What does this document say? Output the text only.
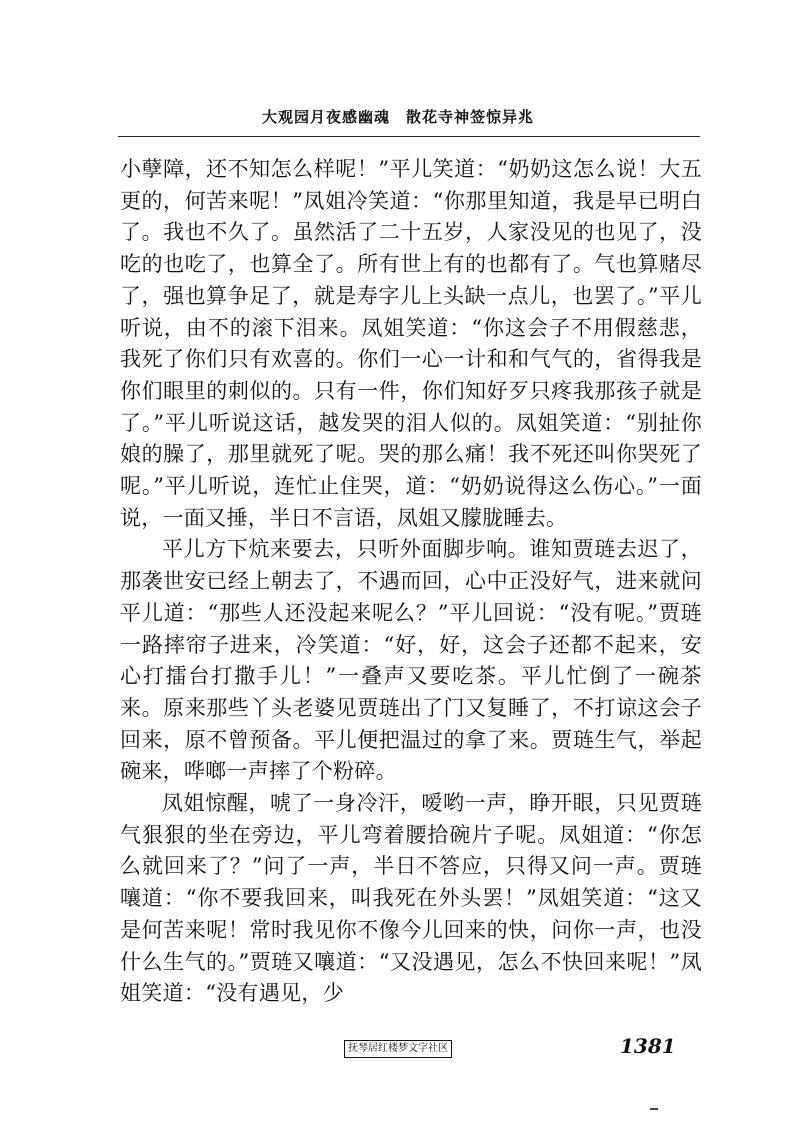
大观园月夜感幽魂　散花寺神签惊异兆

小孽障，还不知怎么样呢！”平儿笑道：“奶奶这怎么说！大五更的，何苦来呢！”凤姐冷笑道：“你那里知道，我是早已明白了。我也不久了。虽然活了二十五岁，人家没见的也见了，没吃的也吃了，也算全了。所有世上有的也都有了。气也算赌尽了，强也算争足了，就是寿字儿上头缺一点儿，也罢了。”平儿听说，由不的滚下泪来。凤姐笑道：“你这会子不用假慈悲，我死了你们只有欢喜的。你们一心一计和和气气的，省得我是你们眼里的刺似的。只有一件，你们知好歹只疼我那孩子就是了。”平儿听说这话，越发哭的泪人似的。凤姐笑道：“别扯你娘的臊了，那里就死了呢。哭的那么痛！我不死还叫你哭死了呢。”平儿听说，连忙止住哭，道：“奶奶说得这么伤心。”一面说，一面又捶，半日不言语，凤姐又朦胧睡去。

平儿方下炕来要去，只听外面脚步响。谁知贾琏去迟了，那袭世安已经上朝去了，不遇而回，心中正没好气，进来就问平儿道：“那些人还没起来呢么？”平儿回说：“没有呢。”贾琏一路摔帘子进来，冷笑道：“好，好，这会子还都不起来，安心打擂台打撒手儿！”一叠声又要吃茶。平儿忙倒了一碗茶来。原来那些丫头老婆见贾琏出了门又复睡了，不打谅这会子回来，原不曾预备。平儿便把温过的拿了来。贾琏生气，举起碗来，哗啷一声摔了个粉碎。

凤姐惊醒，唬了一身冷汗，嗳哟一声，睁开眼，只见贾琏气狠狠的坐在旁边，平儿弯着腰拾碗片子呢。凤姐道：“你怎么就回来了？”问了一声，半日不答应，只得又问一声。贾琏嚷道：“你不要我回来，叫我死在外头罢！”凤姐笑道：“这又是何苦来呢！常时我见你不像今儿回来的快，问你一声，也没什么生气的。”贾琏又嚷道：“又没遇见，怎么不快回来呢！”凤姐笑道：“没有遇见，少

抚琴居红楼梦文字社区	1381
